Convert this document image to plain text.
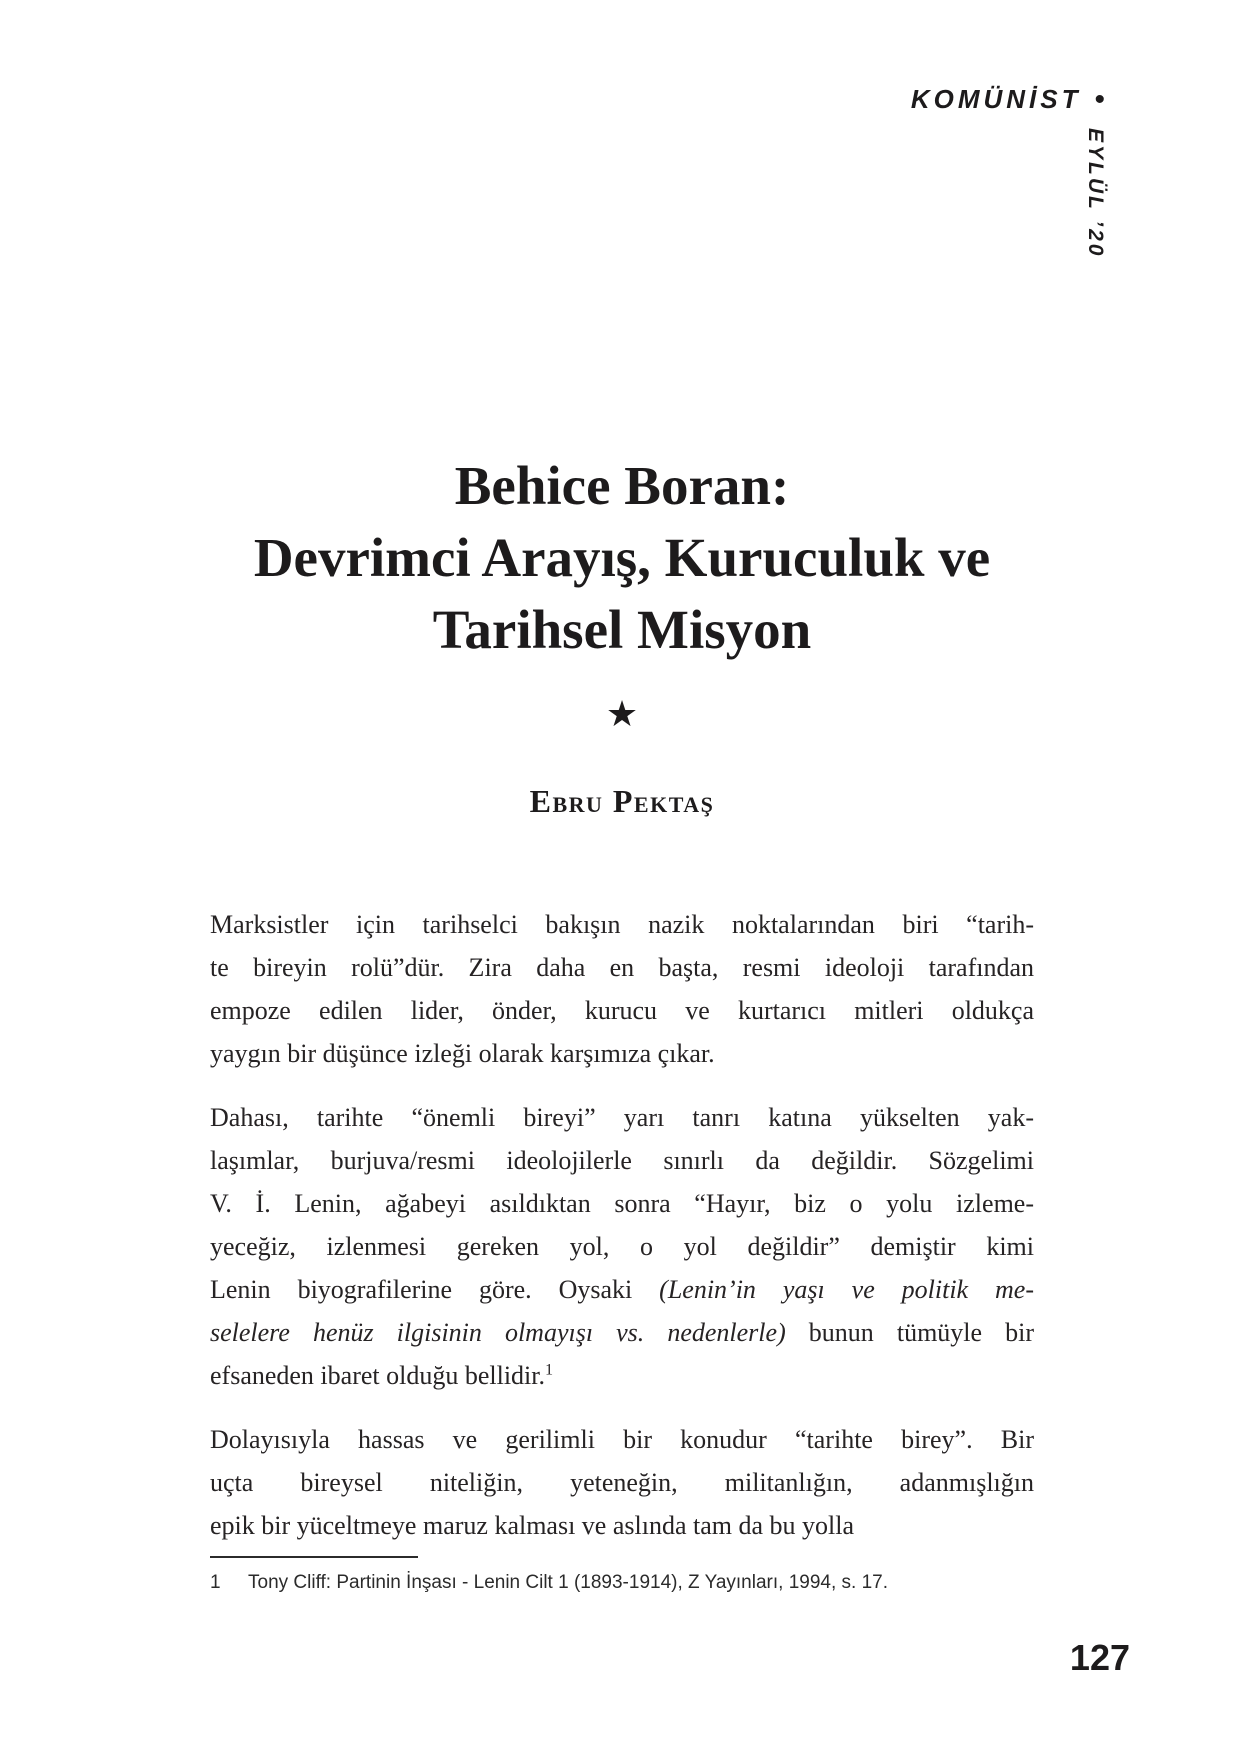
KOMÜNİST •
EYLÜL ’20
Behice Boran:
Devrimci Arayış, Kuruculuk ve
Tarihsel Misyon
★
Ebru Pektaş
Marksistler için tarihselci bakışın nazik noktalarından biri “tarih-
te bireyin rolü”dür. Zira daha en başta, resmi ideoloji tarafından
empoze edilen lider, önder, kurucu ve kurtarıcı mitleri oldukça
yaygın bir düşünce izleği olarak karşımıza çıkar.
Dahası, tarihte “önemli bireyi” yarı tanrı katına yükselten yak-
laşımlar, burjuva/resmi ideolojilerle sınırlı da değildir. Sözgelimi
V. İ. Lenin, ağabeyi asıldıktan sonra “Hayır, biz o yolu izleme-
yeceğiz, izlenmesi gereken yol, o yol değildir” demiştir kimi
Lenin biyografilerine göre. Oysaki (Lenin’in yaşı ve politik me-
selelere henüz ilgisinin olmayışı vs. nedenlerle) bunun tümüyle bir
efsaneden ibaret olduğu bellidir.$^1$
Dolayısıyla hassas ve gerilimli bir konudur “tarihte birey”. Bir
uçta bireysel niteliğin, yeteneğin, militanlığın, adanmışlığın
epik bir yüceltmeye maruz kalması ve aslında tam da bu yolla
1	Tony Cliff: Partinin İnşası - Lenin Cilt 1 (1893-1914), Z Yayınları, 1994, s. 17.
127
